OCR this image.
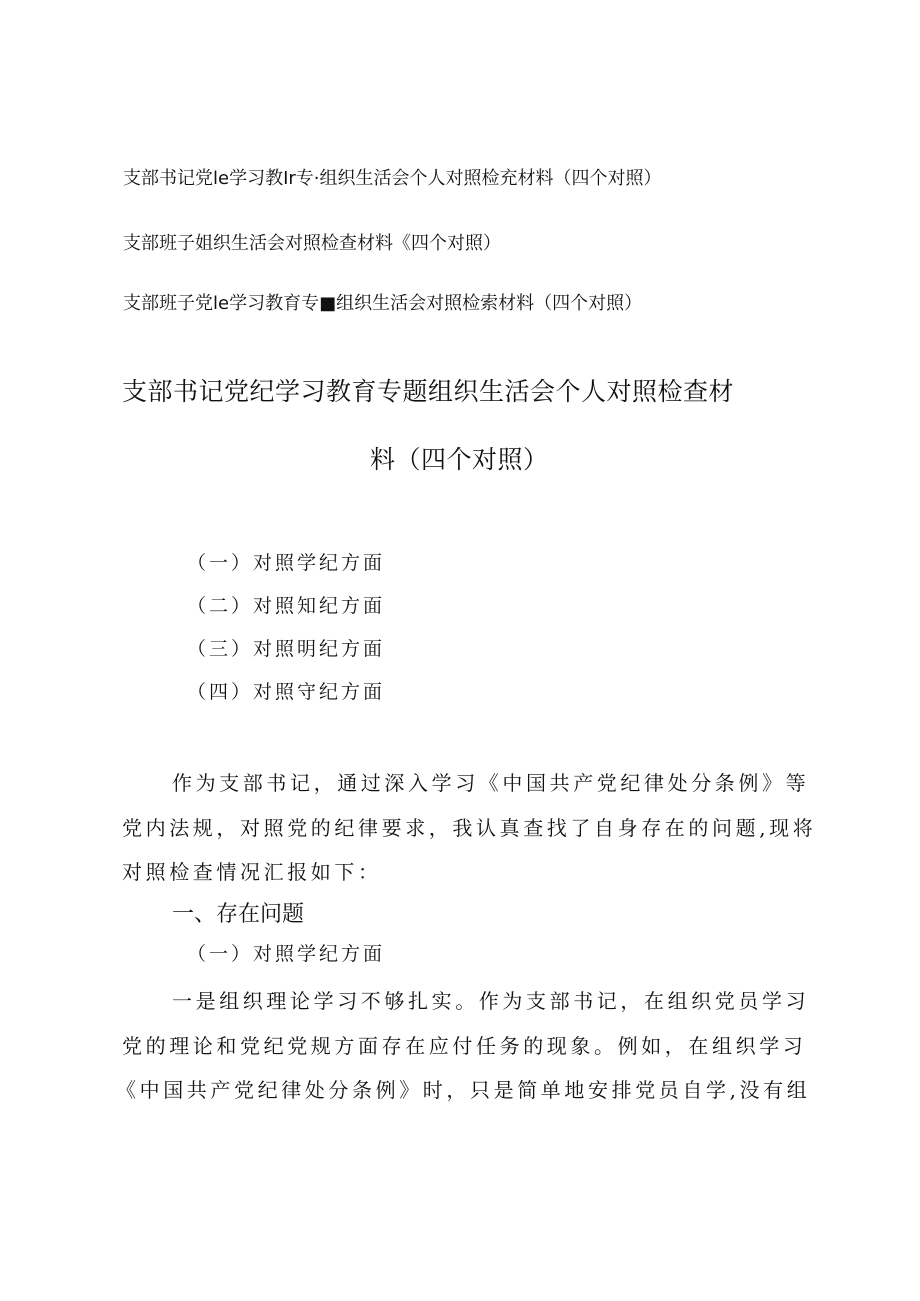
支部书记党le学习教Ir专·组织生活会个人对照检充材料（四个对照）
支部班子姐织生活会对照检查材料《四个对照）
支部班子党le学习教育专■组织生活会对照检索材料（四个对照）
支部书记党纪学习教育专题组织生活会个人对照检查材
料（四个对照）
（一）对照学纪方面
（二）对照知纪方面
（三）对照明纪方面
（四）对照守纪方面
作为支部书记，通过深入学习《中国共产党纪律处分条例》等
党内法规，对照党的纪律要求，我认真查找了自身存在的问题,现将
对照检查情况汇报如下：
一、存在问题
（一）对照学纪方面
一是组织理论学习不够扎实。作为支部书记，在组织党员学习
党的理论和党纪党规方面存在应付任务的现象。例如，在组织学习
《中国共产党纪律处分条例》时，只是简单地安排党员自学,没有组
